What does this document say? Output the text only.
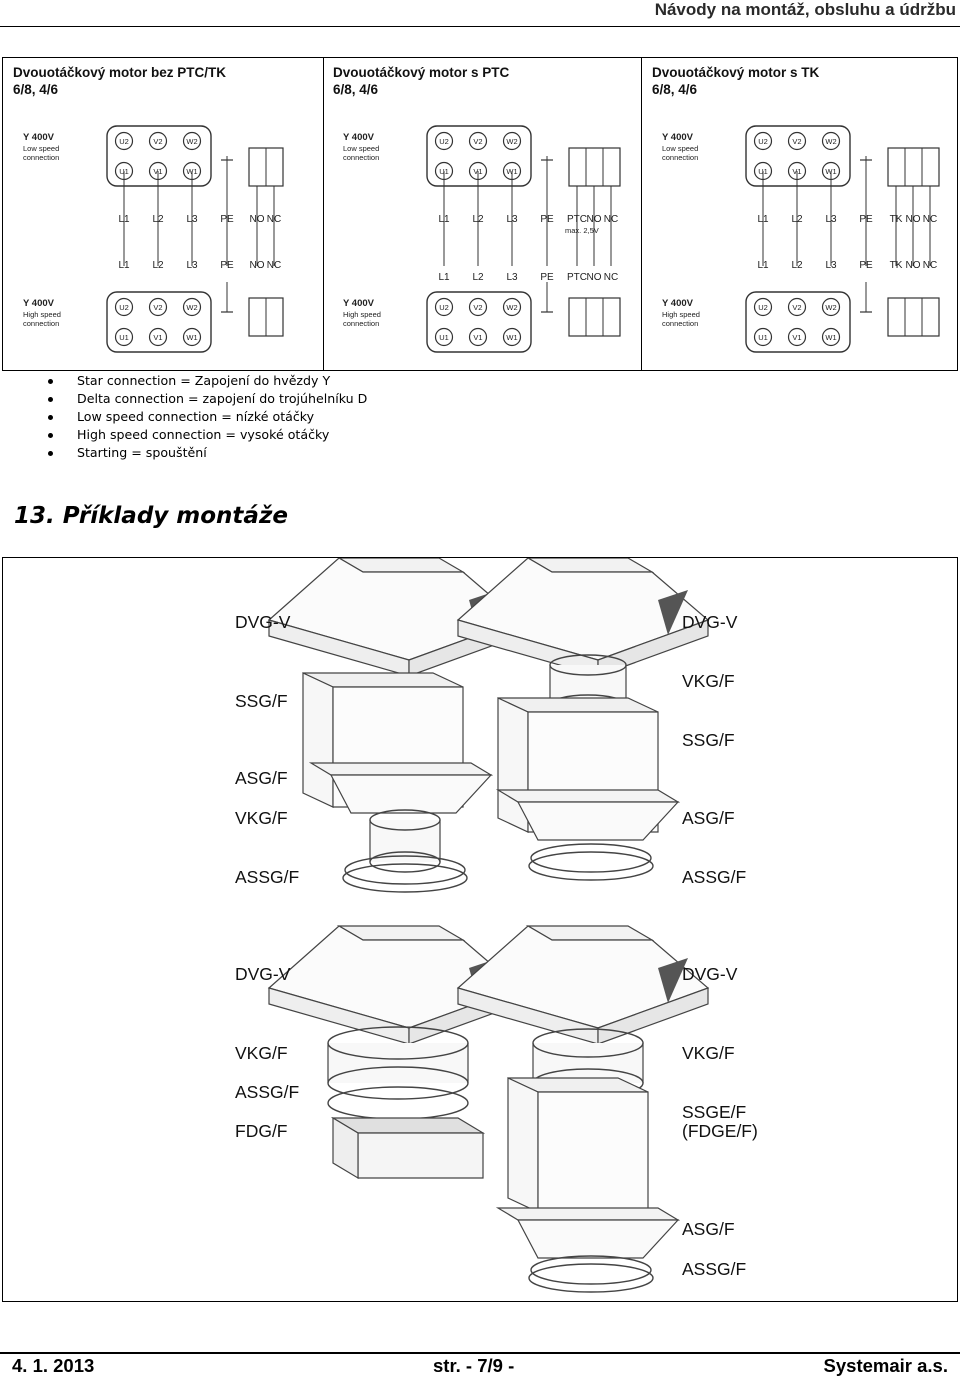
Návody na montáž, obsluhu a údržbu
Dvouotáčkový motor bez PTC/TK
6/8, 4/6
Y 400V
Low speed
connection
U2	V2	W2
U1	V1	W1
Y 400V
High speed
connection
U2	V2	W2
U1	V1	W1
L1
L1
L2
L2
L3
L3
PE
PE
NO
NO
NC
NC
Dvouotáčkový motor s PTC
6/8, 4/6
Y 400V
Low speed
connection
U2	V2	W2
U1	V1	W1
Y 400V
High speed
connection
U2	V2	W2
U1	V1	W1
L1
L1
L2
L2
L3
L3
PE
PE
PTC
PTC
NO
NO
NC
NC
max. 2,5V
Dvouotáčkový motor s TK
6/8, 4/6
Y 400V
Low speed
connection
U2	V2	W2
U1	V1	W1
Y 400V
High speed
connection
U2	V2	W2
U1	V1	W1
L1
L1
L2
L2
L3
L3
PE
PE
TK
TK
NO
NO
NC
NC
Star connection = Zapojení do hvězdy Y
Delta connection = zapojení do trojúhelníku D
Low speed connection = nízké otáčky
High speed connection = vysoké otáčky
Starting = spouštění
13. Příklady montáže
DVG-V
SSG/F
ASG/F
VKG/F
ASSG/F
DVG-V
VKG/F
SSG/F
ASG/F
ASSG/F
DVG-V
VKG/F
ASSG/F
FDG/F
DVG-V
VKG/F
SSGE/F
(FDGE/F)
ASG/F
ASSG/F
4. 1. 2013	str. - 7/9 -	Systemair a.s.
